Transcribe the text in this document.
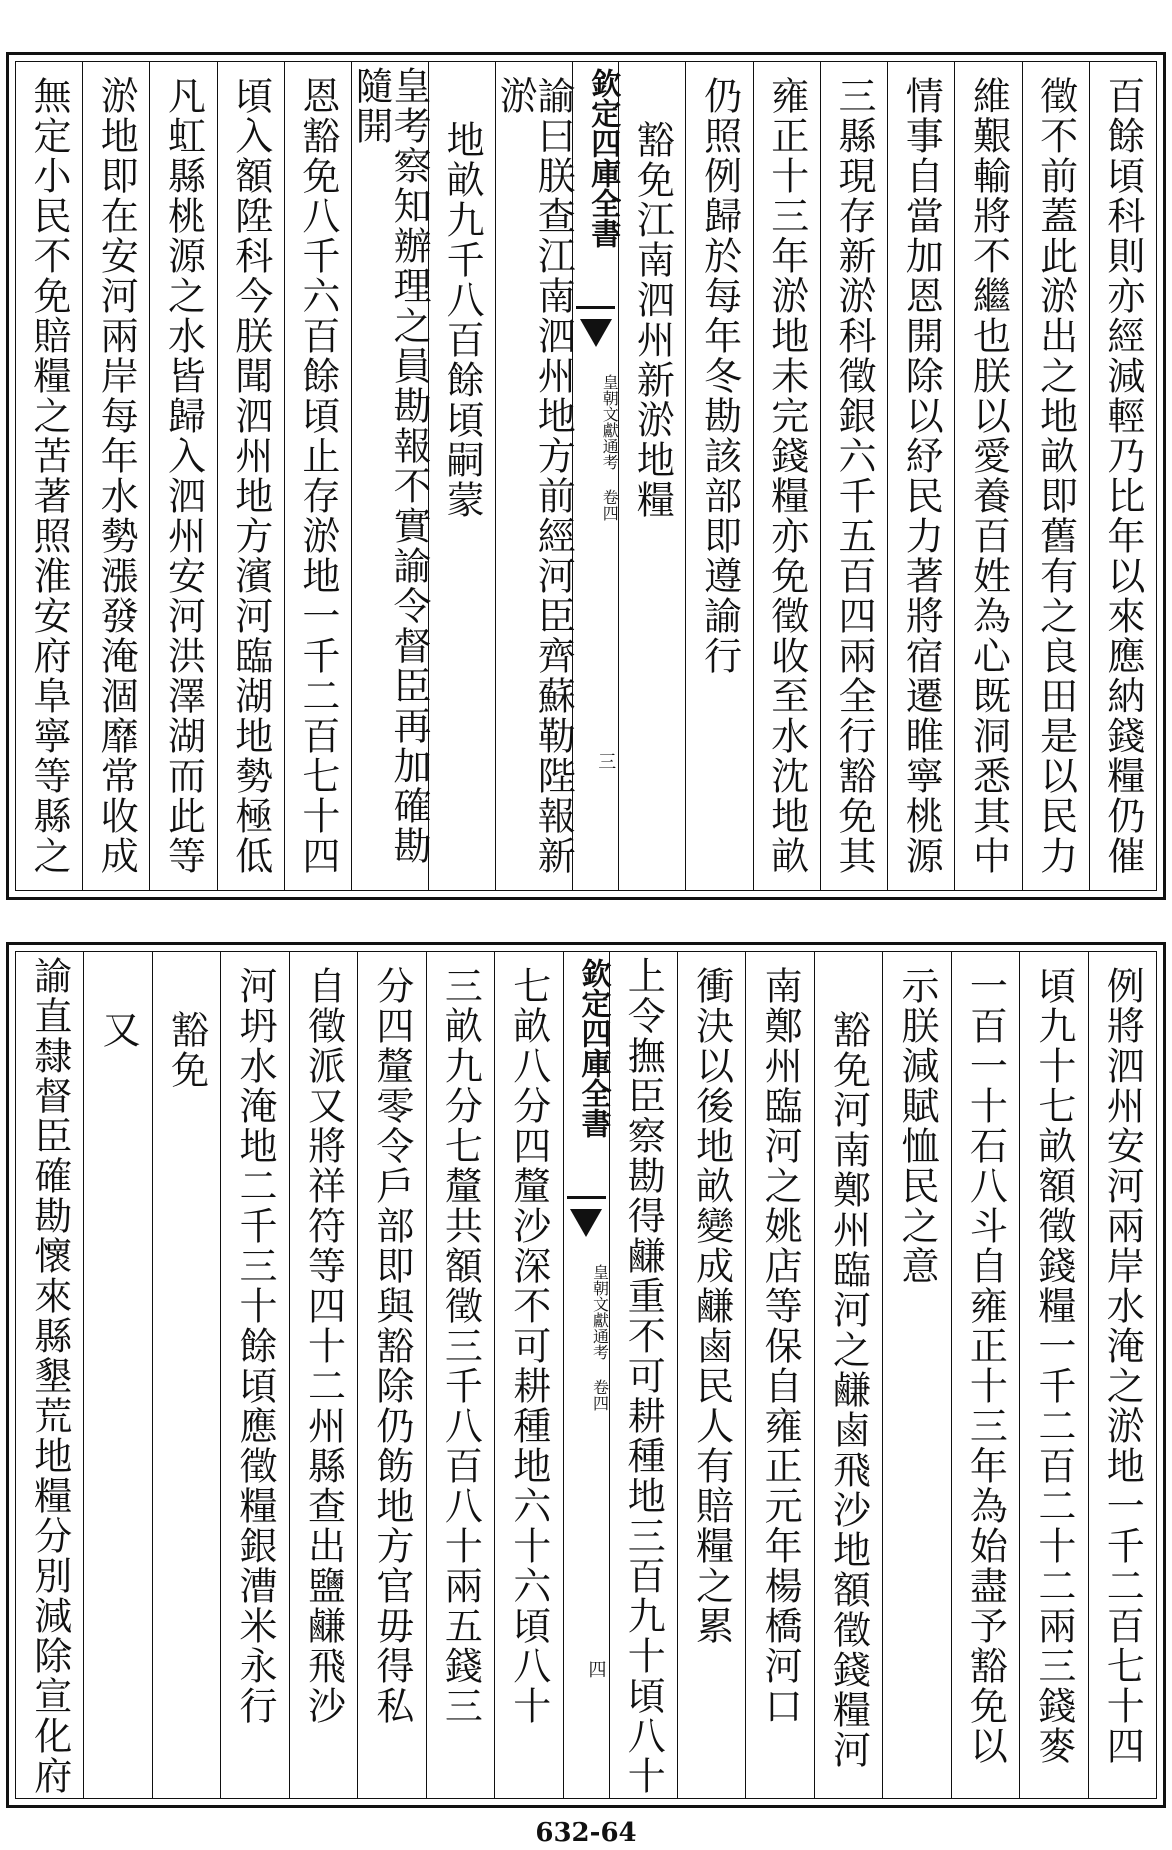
百餘頃科則亦經減輕乃比年以來應納錢糧仍催
徵不前蓋此淤出之地畝即舊有之良田是以民力
維艱輸將不繼也朕以愛養百姓為心既洞悉其中
情事自當加恩開除以紓民力著將宿遷睢寧桃源
三縣現存新淤科徵銀六千五百四兩全行豁免其
雍正十三年淤地未完錢糧亦免徵收至水沈地畝
仍照例歸於每年冬勘該部即遵諭行
豁免江南泗州新淤地糧
欽定四庫全書
皇朝文獻通考 卷四
三
諭曰朕查江南泗州地方前經河臣齊蘇勒陛報新淤
地畝九千八百餘頃嗣蒙
皇考察知辦理之員勘報不實諭令督臣再加確勘隨開
恩豁免八千六百餘頃止存淤地一千二百七十四
頃入額陞科今朕聞泗州地方濱河臨湖地勢極低
凡虹縣桃源之水皆歸入泗州安河洪澤湖而此等
淤地即在安河兩岸每年水勢漲發淹涸靡常收成
無定小民不免賠糧之苦著照淮安府阜寧等縣之
例將泗州安河兩岸水淹之淤地一千二百七十四
頃九十七畝額徵錢糧一千二百二十二兩三錢麥
一百一十石八斗自雍正十三年為始盡予豁免以
示朕減賦恤民之意
豁免河南鄭州臨河之鹻鹵飛沙地額徵錢糧河
南鄭州臨河之姚店等保自雍正元年楊橋河口
衝決以後地畝變成鹻鹵民人有賠糧之累
上令撫臣察勘得鹻重不可耕種地三百九十頃八十
欽定四庫全書
皇朝文獻通考 卷四
四
七畝八分四釐沙深不可耕種地六十六頃八十
三畝九分七釐共額徵三千八百八十兩五錢三
分四釐零令戶部即與豁除仍飭地方官毋得私
自徵派又將祥符等四十二州縣查出鹽鹻飛沙
河坍水淹地二千三十餘頃應徵糧銀漕米永行
豁免
又
諭直隸督臣確勘懷來縣墾荒地糧分別減除宣化府
632-64
